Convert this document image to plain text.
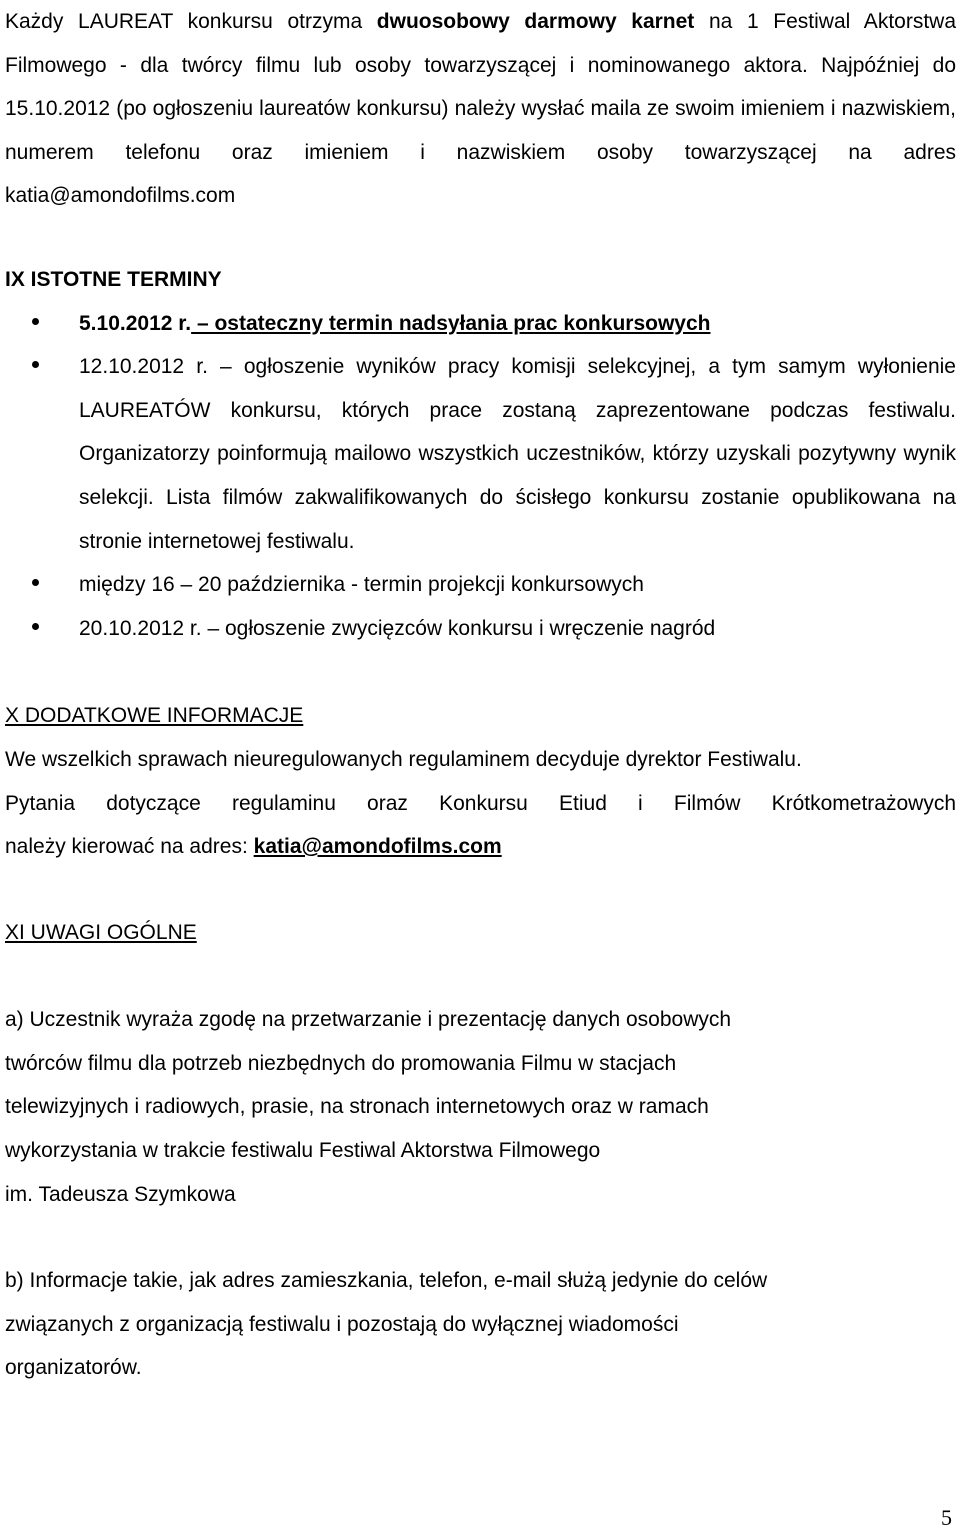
Każdy LAUREAT konkursu otrzyma dwuosobowy darmowy karnet na 1 Festiwal Aktorstwa Filmowego - dla twórcy filmu lub osoby towarzyszącej i nominowanego aktora. Najpóźniej do 15.10.2012 (po ogłoszeniu laureatów konkursu) należy wysłać maila ze swoim imieniem i nazwiskiem, numerem telefonu oraz imieniem i nazwiskiem osoby towarzyszącej na adres katia@amondofilms.com

IX ISTOTNE TERMINY
5.10.2012 r. – ostateczny termin nadsyłania prac konkursowych
12.10.2012 r. – ogłoszenie wyników pracy komisji selekcyjnej, a tym samym wyłonienie LAUREATÓW konkursu, których prace zostaną zaprezentowane podczas festiwalu. Organizatorzy poinformują mailowo wszystkich uczestników, którzy uzyskali pozytywny wynik selekcji. Lista filmów zakwalifikowanych do ścisłego konkursu zostanie opublikowana na stronie internetowej festiwalu.
między 16 – 20 października - termin projekcji konkursowych
20.10.2012 r. – ogłoszenie zwycięzców konkursu i wręczenie nagród
X DODATKOWE INFORMACJE

We wszelkich sprawach nieuregulowanych regulaminem decyduje dyrektor Festiwalu.

Pytania dotyczące regulaminu oraz Konkursu Etiud i Filmów Krótkometrażowych

należy kierować na adres: katia@amondofilms.com

XI UWAGI OGÓLNE
a) Uczestnik wyraża zgodę na przetwarzanie i prezentację danych osobowych
twórców filmu dla potrzeb niezbędnych do promowania Filmu w stacjach
telewizyjnych i radiowych, prasie, na stronach internetowych oraz w ramach
wykorzystania w trakcie festiwalu Festiwal Aktorstwa Filmowego
im. Tadeusza Szymkowa
b) Informacje takie, jak adres zamieszkania, telefon, e-mail służą jedynie do celów
związanych z organizacją festiwalu i pozostają do wyłącznej wiadomości
organizatorów.
5
